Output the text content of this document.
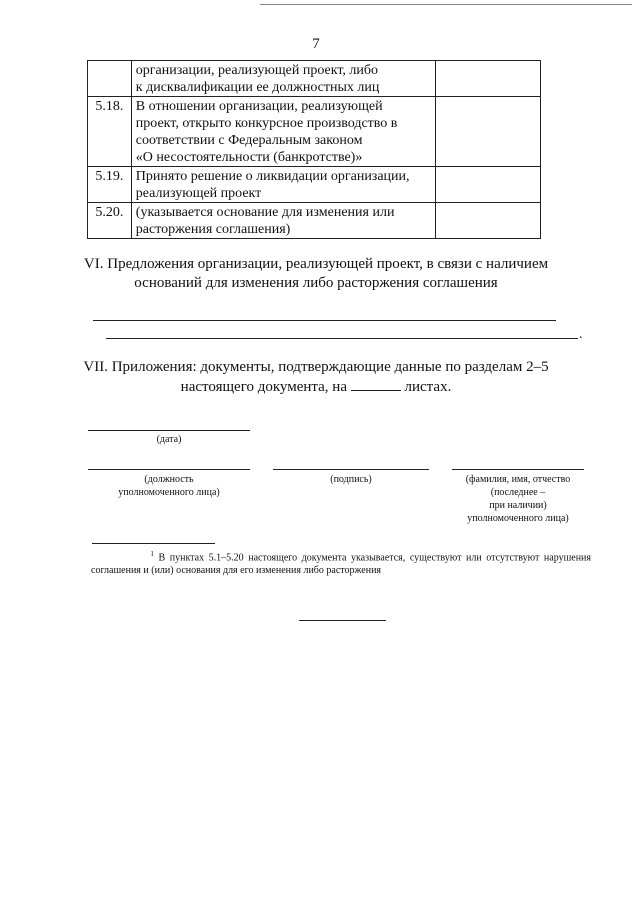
7

	организации, реализующей проект, либо
к дисквалификации ее должностных лиц	

5.18.	В отношении организации, реализующей
проект, открыто конкурсное производство в
соответствии с Федеральным законом
«О несостоятельности (банкротстве)»	

5.19.	Принято решение о ликвидации организации,
реализующей проект	

5.20.	(указывается основание для изменения или
расторжения соглашения)	

VI. Предложения организации, реализующей проект, в связи с наличием
оснований для изменения либо расторжения соглашения
.
VII. Приложения: документы, подтверждающие данные по разделам 2–5
настоящего документа, на	листах.
(дата)
(должность
уполномоченного лица)
(подпись)	(фамилия, имя, отчество
(последнее –
при наличии)
уполномоченного лица)
$^1$ В пунктах 5.1–5.20 настоящего документа указывается, существуют или отсутствуют нарушения соглашения и (или) основания для его изменения либо расторжения
